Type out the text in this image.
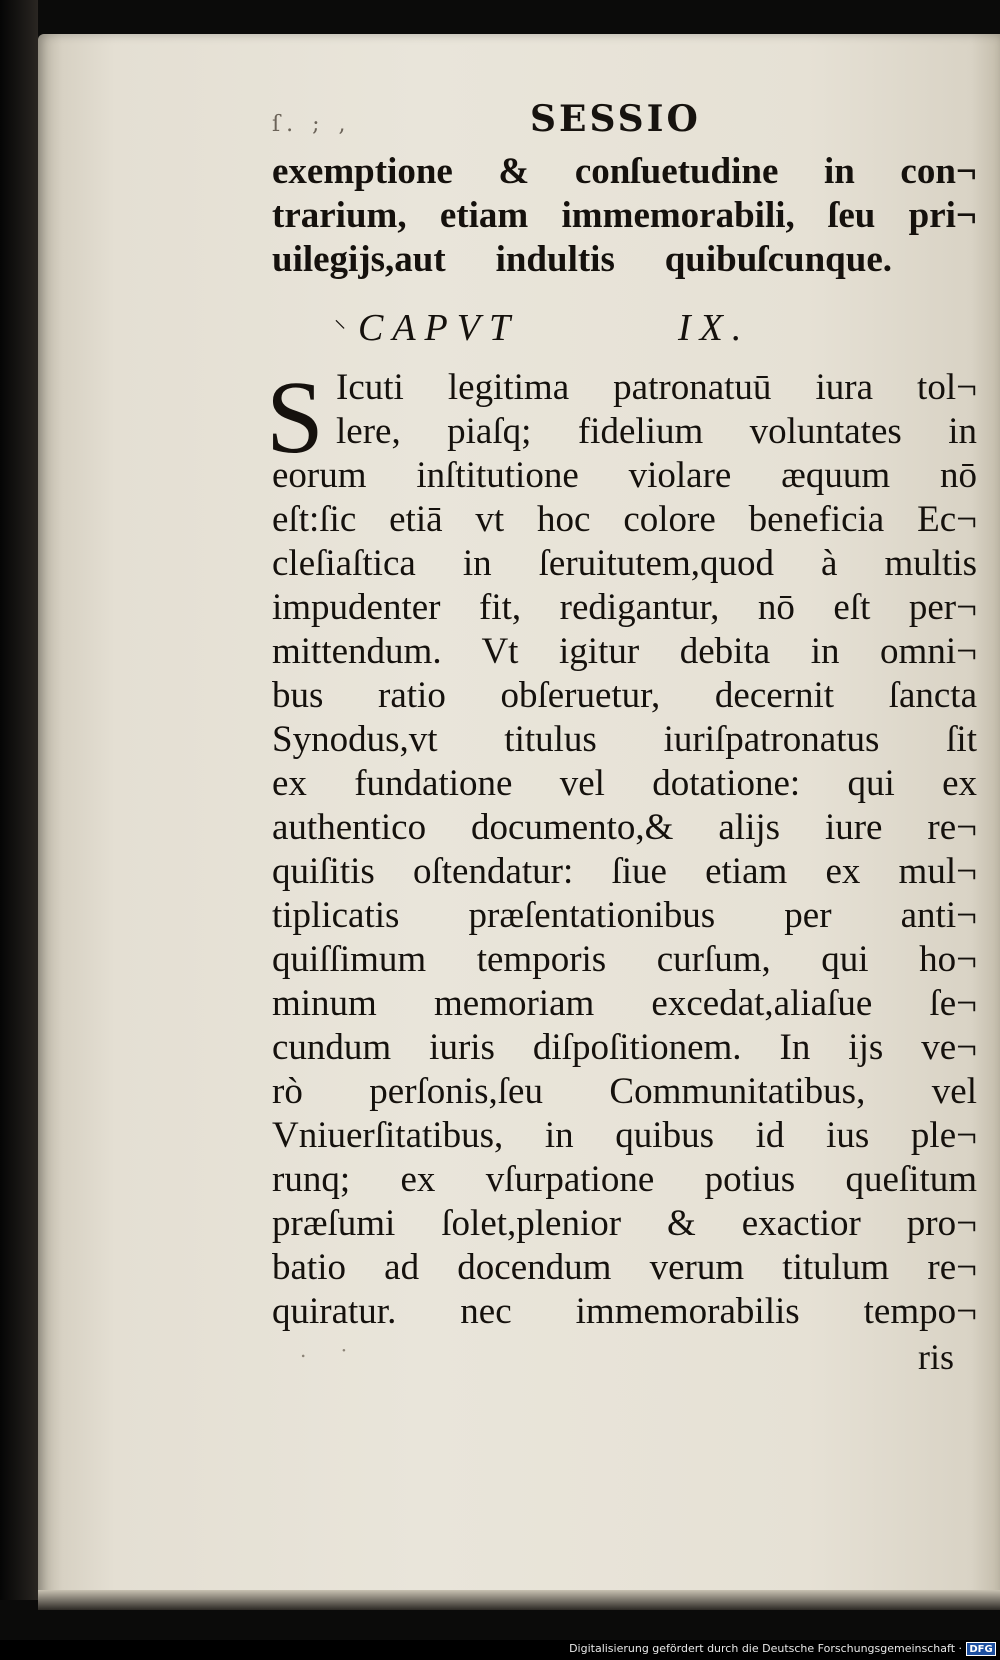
ſ. ; ,	SESSIO
exemptione & conſuetudine in con¬
trarium, etiam immemorabili, ſeu pri¬
uilegijs,aut indultis quibuſcunque.
⸌ CAPVT	IX.
S Icuti legitima patronatuū iura tol¬
lere, piaſq; fidelium voluntates in
eorum inſtitutione violare æquum nō
eſt:ſic etiā vt hoc colore beneficia Ec¬
cleſiaſtica in ſeruitutem,quod à multis
impudenter fit, redigantur, nō eſt per¬
mittendum. Vt igitur debita in omni¬
bus ratio obſeruetur, decernit ſancta
Synodus,vt titulus iuriſpatronatus ſit
ex fundatione vel dotatione: qui ex
authentico documento,& alijs iure re¬
quiſitis oſtendatur: ſiue etiam ex mul¬
tiplicatis præſentationibus per anti¬
quiſſimum temporis curſum, qui ho¬
minum memoriam excedat,aliaſue ſe¬
cundum iuris diſpoſitionem. In ijs ve¬
rò perſonis,ſeu Communitatibus, vel
Vniuerſitatibus, in quibus id ius ple¬
runq; ex vſurpatione potius queſitum
præſumi ſolet,plenior & exactior pro¬
batio ad docendum verum titulum re¬
quiratur. nec immemorabilis tempo¬
. ·	ris
Digitalisierung gefördert durch die Deutsche Forschungsgemeinschaft · DFG
